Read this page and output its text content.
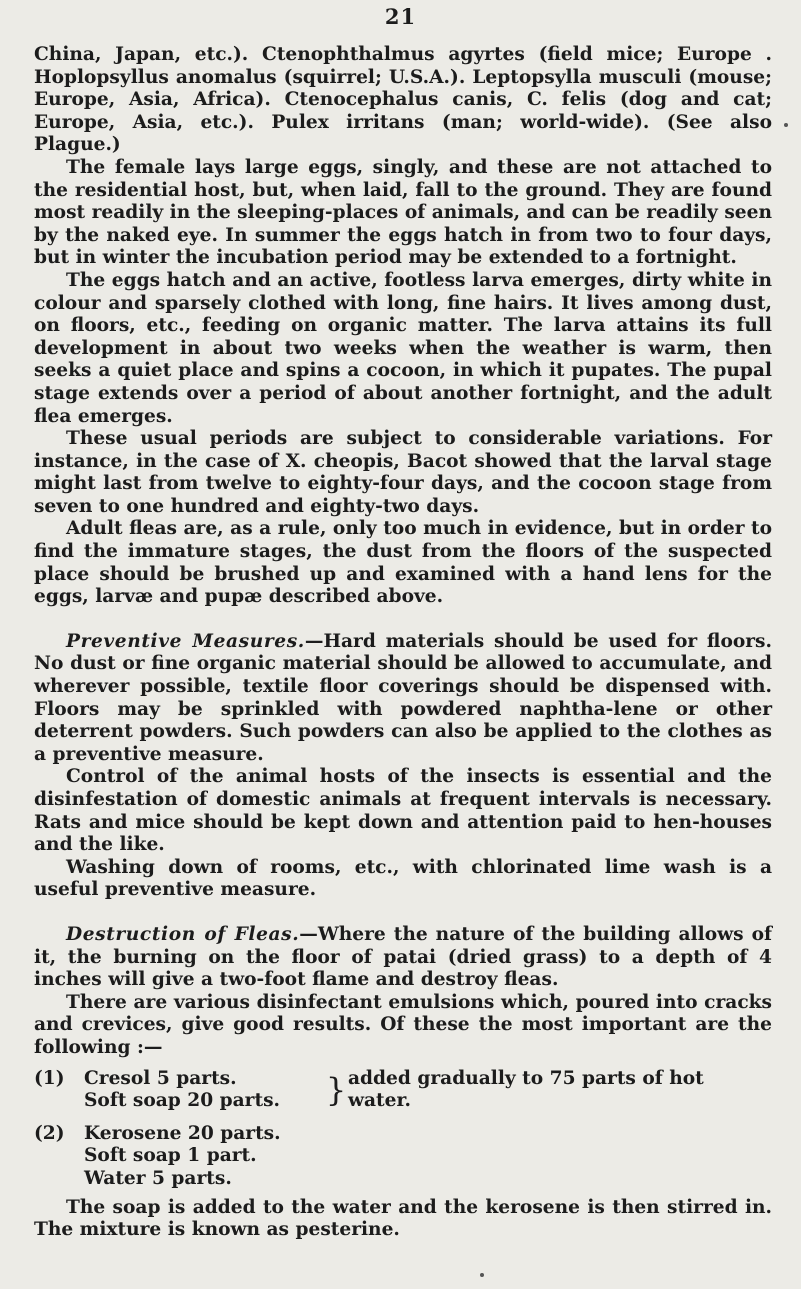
21

China, Japan, etc.). Ctenophthalmus agyrtes (field mice; Europe . Hoplopsyllus anomalus (squirrel; U.S.A.). Leptopsylla musculi (mouse; Europe, Asia, Africa). Ctenocephalus canis, C. felis (dog and cat; Europe, Asia, etc.). Pulex irritans (man; world-wide). (See also Plague.)

The female lays large eggs, singly, and these are not attached to the residential host, but, when laid, fall to the ground. They are found most readily in the sleeping-places of animals, and can be readily seen by the naked eye. In summer the eggs hatch in from two to four days, but in winter the incubation period may be extended to a fortnight.

The eggs hatch and an active, footless larva emerges, dirty white in colour and sparsely clothed with long, fine hairs. It lives among dust, on floors, etc., feeding on organic matter. The larva attains its full development in about two weeks when the weather is warm, then seeks a quiet place and spins a cocoon, in which it pupates. The pupal stage extends over a period of about another fortnight, and the adult flea emerges.

These usual periods are subject to considerable variations. For instance, in the case of X. cheopis, Bacot showed that the larval stage might last from twelve to eighty-four days, and the cocoon stage from seven to one hundred and eighty-two days.

Adult fleas are, as a rule, only too much in evidence, but in order to find the immature stages, the dust from the floors of the suspected place should be brushed up and examined with a hand lens for the eggs, larvæ and pupæ described above.

Preventive Measures.—Hard materials should be used for floors. No dust or fine organic material should be allowed to accumulate, and wherever possible, textile floor coverings should be dispensed with. Floors may be sprinkled with powdered naphtha-lene or other deterrent powders. Such powders can also be applied to the clothes as a preventive measure.

Control of the animal hosts of the insects is essential and the disinfestation of domestic animals at frequent intervals is necessary. Rats and mice should be kept down and attention paid to hen-houses and the like.

Washing down of rooms, etc., with chlorinated lime wash is a useful preventive measure.

Destruction of Fleas.—Where the nature of the building allows of it, the burning on the floor of patai (dried grass) to a depth of 4 inches will give a two-foot flame and destroy fleas.

There are various disinfectant emulsions which, poured into cracks and crevices, give good results. Of these the most important are the following :—

(1)	Cresol 5 parts.
Soft soap 20 parts.	} added gradually to 75 parts of hot
water.
(2)	Kerosene 20 parts.
Soft soap 1 part.
Water 5 parts.

The soap is added to the water and the kerosene is then stirred in. The mixture is known as pesterine.
